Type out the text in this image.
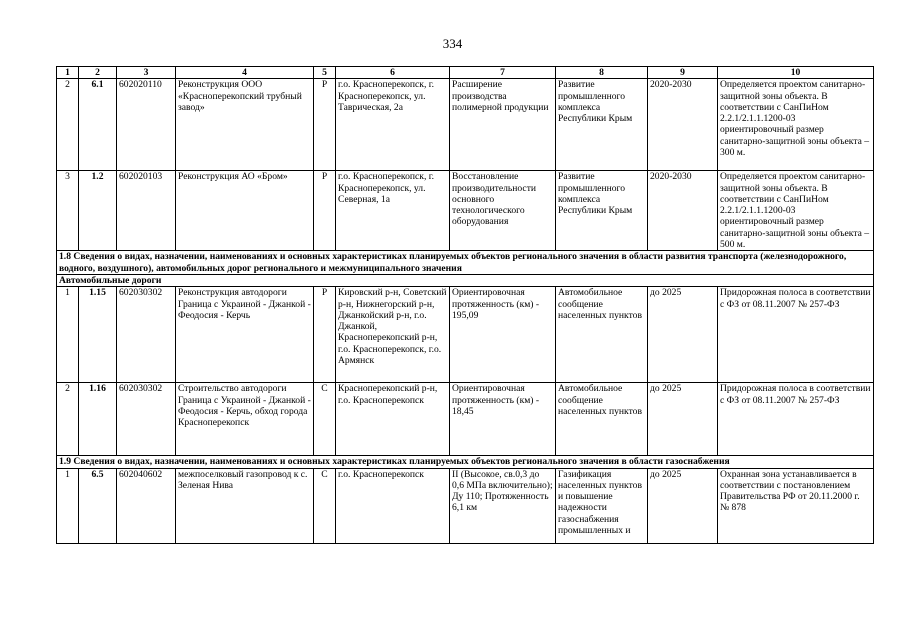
334
1	2	3	4	5	6	7	8	9	10
2	6.1	602020110	Реконструкция ООО «Красноперекопский трубный завод»	Р	г.о. Красноперекопск, г. Красноперекопск, ул. Таврическая, 2а	Расширение производства полимерной продукции	Развитие промышленного комплекса Республики Крым	2020-2030	Определяется проектом санитарно-защитной зоны объекта. В соответствии с СанПиНом 2.2.1/2.1.1.1200-03 ориентировочный размер санитарно-защитной зоны объекта – 300 м.
3	1.2	602020103	Реконструкция АО «Бром»	Р	г.о. Красноперекопск, г. Красноперекопск, ул. Северная, 1а	Восстановление производительности основного технологического оборудования	Развитие промышленного комплекса Республики Крым	2020-2030	Определяется проектом санитарно-защитной зоны объекта. В соответствии с СанПиНом 2.2.1/2.1.1.1200-03 ориентировочный размер санитарно-защитной зоны объекта – 500 м.
1.8 Сведения о видах, назначении, наименованиях и основных характеристиках планируемых объектов регионального значения в области развития транспорта (железнодорожного, водного, воздушного), автомобильных дорог регионального и межмуниципального значения									
Автомобильные дороги									
1	1.15	602030302	Реконструкция автодороги Граница с Украиной - Джанкой - Феодосия - Керчь	Р	Кировский р-н, Советский р-н, Нижнегорский р-н, Джанкойский р-н, г.о. Джанкой, Красноперекопский р-н, г.о. Красноперекопск, г.о. Армянск	Ориентировочная протяженность (км) - 195,09	Автомобильное сообщение населенных пунктов	до 2025	Придорожная полоса в соответствии с ФЗ от 08.11.2007 № 257-ФЗ
2	1.16	602030302	Строительство автодороги Граница с Украиной - Джанкой - Феодосия - Керчь, обход города Красноперекопск	С	Красноперекопский р-н, г.о. Красноперекопск	Ориентировочная протяженность (км) - 18,45	Автомобильное сообщение населенных пунктов	до 2025	Придорожная полоса в соответствии с ФЗ от 08.11.2007 № 257-ФЗ
1.9 Сведения о видах, назначении, наименованиях и основных характеристиках планируемых объектов регионального значения в области газоснабжения									
1	6.5	602040602	межпоселковый газопровод к с. Зеленая Нива	С	г.о. Красноперекопск	II (Высокое, св.0,3 до 0,6 МПа включительно); Ду 110; Протяженность 6,1 км	Газификация населенных пунктов и повышение надежности газоснабжения промышленных и	до 2025	Охранная зона устанавливается в соответствии с постановлением Правительства РФ от 20.11.2000 г. № 878
